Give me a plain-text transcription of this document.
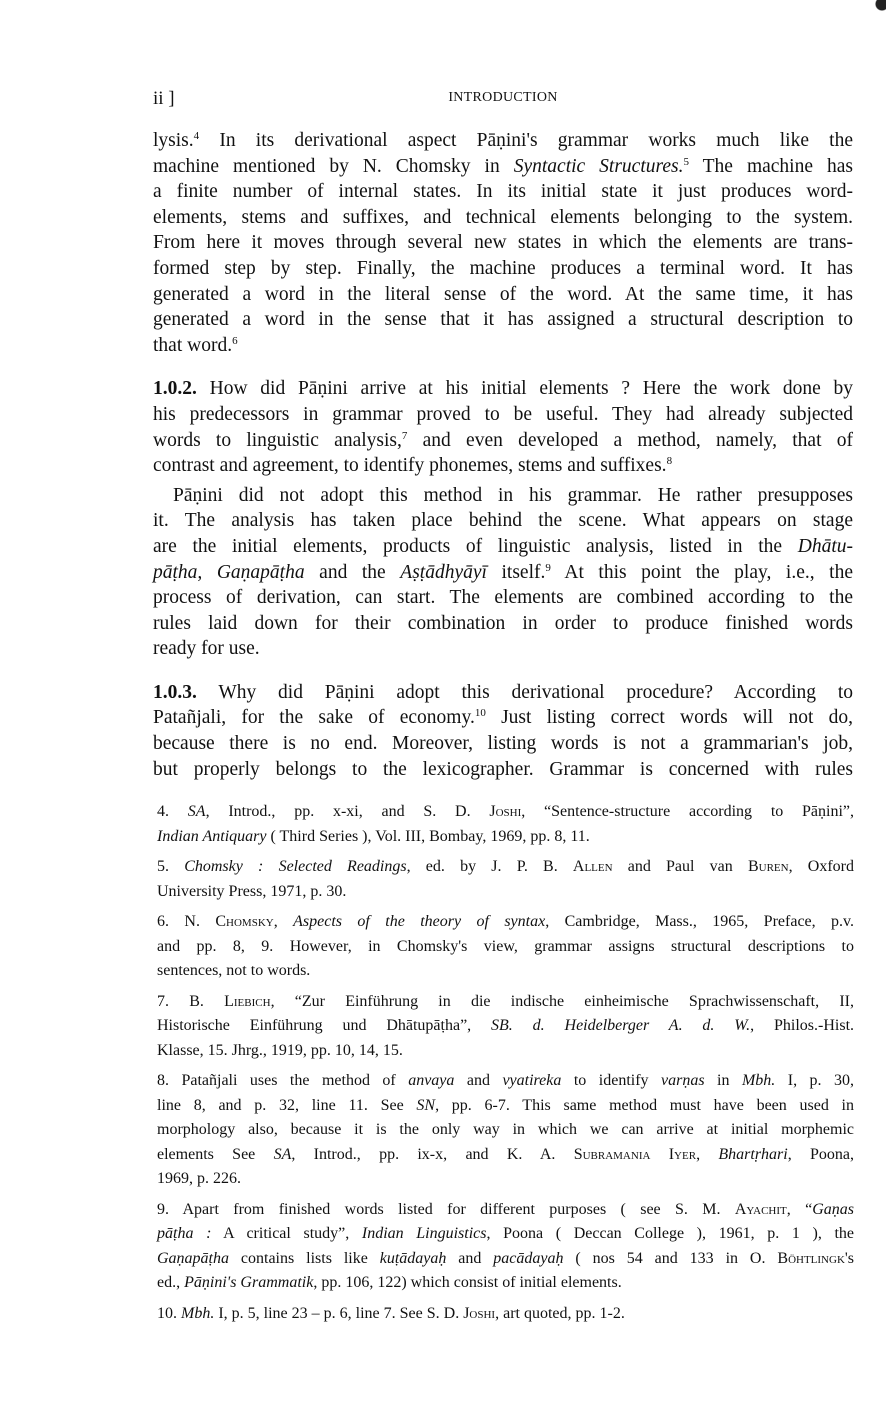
ii ]	INTRODUCTION
lysis.$^4$ In its derivational aspect Pāṇini's grammar works much like the
machine mentioned by N. Chomsky in Syntactic Structures.$^5$ The machine has
a finite number of internal states. In its initial state it just produces word-
elements, stems and suffixes, and technical elements belonging to the system.
From here it moves through several new states in which the elements are trans-
formed step by step. Finally, the machine produces a terminal word. It has
generated a word in the literal sense of the word. At the same time, it has
generated a word in the sense that it has assigned a structural description to
that word.$^6$
1.0.2. How did Pāṇini arrive at his initial elements ? Here the work done by
his predecessors in grammar proved to be useful. They had already subjected
words to linguistic analysis,$^7$ and even developed a method, namely, that of
contrast and agreement, to identify phonemes, stems and suffixes.$^8$
Pāṇini did not adopt this method in his grammar. He rather presupposes
it. The analysis has taken place behind the scene. What appears on stage
are the initial elements, products of linguistic analysis, listed in the Dhātu-
pāṭha, Gaṇapāṭha and the Aṣṭādhyāyī itself.$^9$ At this point the play, i.e., the
process of derivation, can start. The elements are combined according to the
rules laid down for their combination in order to produce finished words
ready for use.
1.0.3. Why did Pāṇini adopt this derivational procedure? According to
Patañjali, for the sake of economy.$^{10}$ Just listing correct words will not do,
because there is no end. Moreover, listing words is not a grammarian's job,
but properly belongs to the lexicographer. Grammar is concerned with rules
4. SA, Introd., pp. x-xi, and S. D. Joshi, “Sentence-structure according to Pāṇini”,
Indian Antiquary ( Third Series ), Vol. III, Bombay, 1969, pp. 8, 11.
5. Chomsky : Selected Readings, ed. by J. P. B. Allen and Paul van Buren, Oxford
University Press, 1971, p. 30.
6. N. Chomsky, Aspects of the theory of syntax, Cambridge, Mass., 1965, Preface, p.v.
and pp. 8, 9. However, in Chomsky's view, grammar assigns structural descriptions to
sentences, not to words.
7. B. Liebich, “Zur Einführung in die indische einheimische Sprachwissenschaft, II,
Historische Einführung und Dhātupāṭha”, SB. d. Heidelberger A. d. W., Philos.-Hist.
Klasse, 15. Jhrg., 1919, pp. 10, 14, 15.
8. Patañjali uses the method of anvaya and vyatireka to identify varṇas in Mbh. I, p. 30,
line 8, and p. 32, line 11. See SN, pp. 6-7. This same method must have been used in
morphology also, because it is the only way in which we can arrive at initial morphemic
elements See SA, Introd., pp. ix-x, and K. A. Subramania Iyer, Bhartṛhari, Poona,
1969, p. 226.
9. Apart from finished words listed for different purposes ( see S. M. Ayachit, “Gaṇas
pāṭha : A critical study”, Indian Linguistics, Poona ( Deccan College ), 1961, p. 1 ), the
Gaṇapāṭha contains lists like kuṭādayaḥ and pacādayaḥ ( nos 54 and 133 in O. Böhtlingk's
ed., Pāṇini's Grammatik, pp. 106, 122) which consist of initial elements.
10. Mbh. I, p. 5, line 23 – p. 6, line 7. See S. D. Joshi, art quoted, pp. 1-2.
